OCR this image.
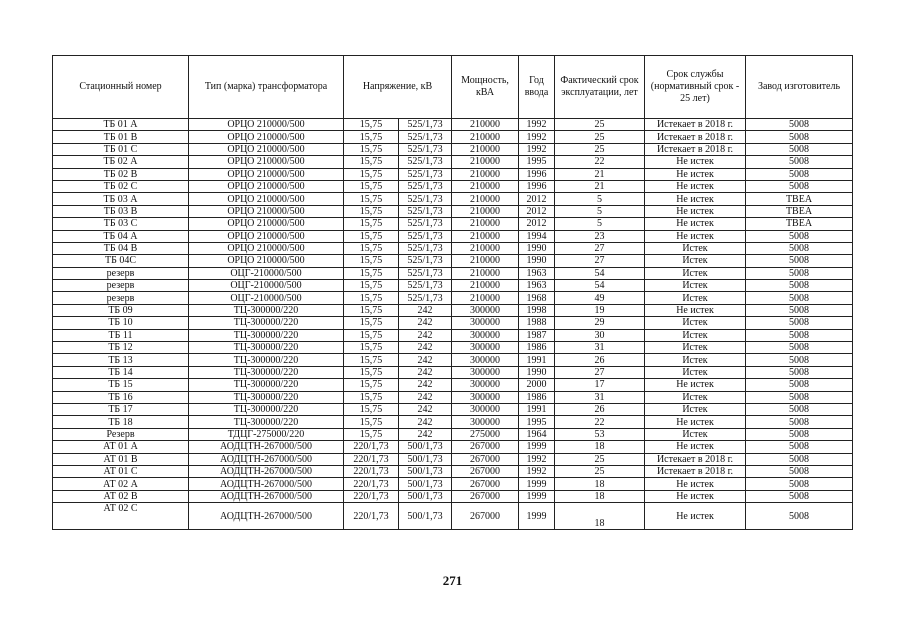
Стационный номер	Тип (марка) трансформатора	Напряжение, кВ		Мощность, кВА	Год ввода	Фактический срок эксплуатации, лет	Срок службы (нормативный срок - 25 лет)	Завод изготовитель
ТБ 01 А	ОРЦО 210000/500	15,75	525/1,73	210000	1992	25	Истекает в 2018 г.	5008
ТБ 01 В	ОРЦО 210000/500	15,75	525/1,73	210000	1992	25	Истекает в 2018 г.	5008
ТБ 01 С	ОРЦО 210000/500	15,75	525/1,73	210000	1992	25	Истекает в 2018 г.	5008
ТБ 02 А	ОРЦО 210000/500	15,75	525/1,73	210000	1995	22	Не истек	5008
ТБ 02 В	ОРЦО 210000/500	15,75	525/1,73	210000	1996	21	Не истек	5008
ТБ 02 С	ОРЦО 210000/500	15,75	525/1,73	210000	1996	21	Не истек	5008
ТБ 03 А	ОРЦО 210000/500	15,75	525/1,73	210000	2012	5	Не истек	ТВЕА
ТБ 03 В	ОРЦО 210000/500	15,75	525/1,73	210000	2012	5	Не истек	ТВЕА
ТБ 03 С	ОРЦО 210000/500	15,75	525/1,73	210000	2012	5	Не истек	ТВЕА
ТБ 04 А	ОРЦО 210000/500	15,75	525/1,73	210000	1994	23	Не истек	5008
ТБ 04 В	ОРЦО 210000/500	15,75	525/1,73	210000	1990	27	Истек	5008
ТБ 04С	ОРЦО 210000/500	15,75	525/1,73	210000	1990	27	Истек	5008
резерв	ОЦГ-210000/500	15,75	525/1,73	210000	1963	54	Истек	5008
резерв	ОЦГ-210000/500	15,75	525/1,73	210000	1963	54	Истек	5008
резерв	ОЦГ-210000/500	15,75	525/1,73	210000	1968	49	Истек	5008
ТБ 09	ТЦ-300000/220	15,75	242	300000	1998	19	Не истек	5008
ТБ 10	ТЦ-300000/220	15,75	242	300000	1988	29	Истек	5008
ТБ 11	ТЦ-300000/220	15,75	242	300000	1987	30	Истек	5008
ТБ 12	ТЦ-300000/220	15,75	242	300000	1986	31	Истек	5008
ТБ 13	ТЦ-300000/220	15,75	242	300000	1991	26	Истек	5008
ТБ 14	ТЦ-300000/220	15,75	242	300000	1990	27	Истек	5008
ТБ 15	ТЦ-300000/220	15,75	242	300000	2000	17	Не истек	5008
ТБ 16	ТЦ-300000/220	15,75	242	300000	1986	31	Истек	5008
ТБ 17	ТЦ-300000/220	15,75	242	300000	1991	26	Истек	5008
ТБ 18	ТЦ-300000/220	15,75	242	300000	1995	22	Не истек	5008
Резерв	ТДЦГ-275000/220	15,75	242	275000	1964	53	Истек	5008
АТ 01 А	АОДЦТН-267000/500	220/1,73	500/1,73	267000	1999	18	Не истек	5008
АТ 01 В	АОДЦТН-267000/500	220/1,73	500/1,73	267000	1992	25	Истекает в 2018 г.	5008
АТ 01 С	АОДЦТН-267000/500	220/1,73	500/1,73	267000	1992	25	Истекает в 2018 г.	5008
АТ 02 А	АОДЦТН-267000/500	220/1,73	500/1,73	267000	1999	18	Не истек	5008
АТ 02 В	АОДЦТН-267000/500	220/1,73	500/1,73	267000	1999	18	Не истек	5008
АТ 02 С	АОДЦТН-267000/500	220/1,73	500/1,73	267000	1999	18	Не истек	5008
271
